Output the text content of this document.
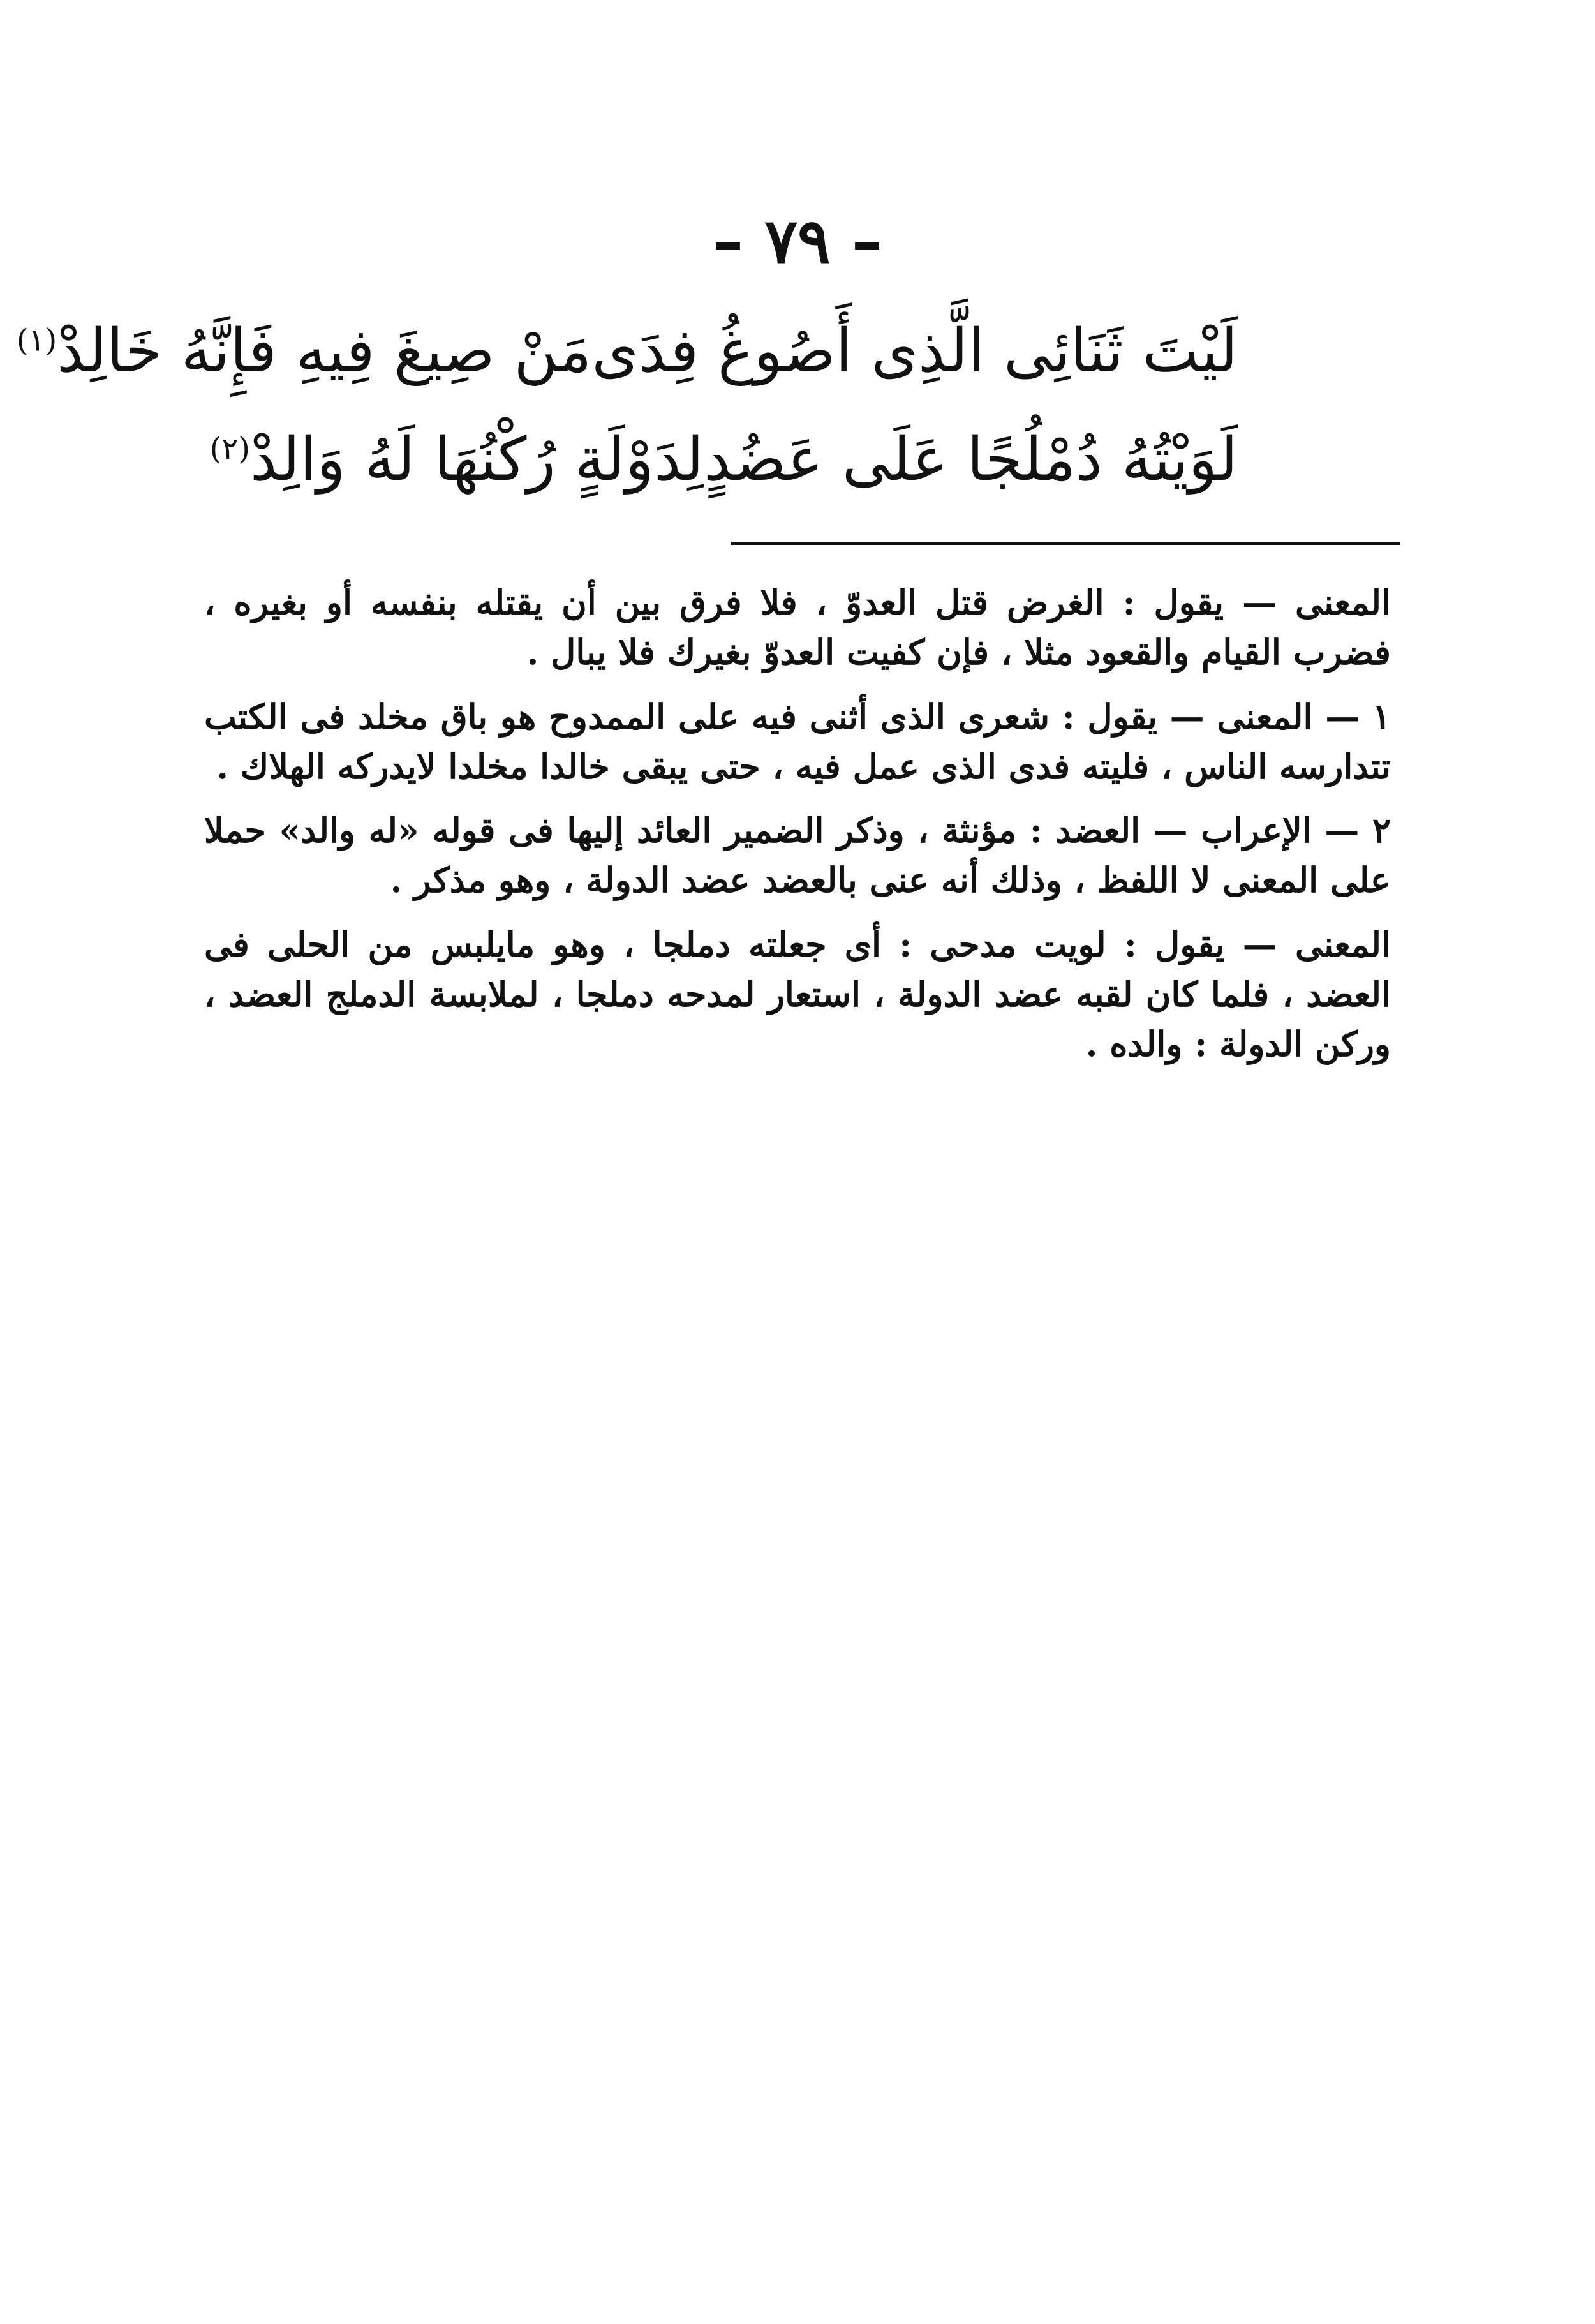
– ٧٩ –
لَيْتَ ثَنَائِى الَّذِى أَصُوغُ فِدَى
مَنْ صِيغَ فِيهِ فَإِنَّهُ خَالِدْ$^{(١)}$
لَوَيْتُهُ دُمْلُجًا عَلَى عَضُدٍ
لِدَوْلَةٍ رُكْنُهَا لَهُ وَالِدْ$^{(٢)}$

المعنى — يقول : الغرض قتل العدوّ ، فلا فرق بين أن يقتله بنفسه أو بغيره ، فضرب القيام والقعود مثلا ، فإن كفيت العدوّ بغيرك فلا يبال .

١ — المعنى — يقول : شعرى الذى أثنى فيه على الممدوح هو باق مخلد فى الكتب تتدارسه الناس ، فليته فدى الذى عمل فيه ، حتى يبقى خالدا مخلدا لايدركه الهلاك .

٢ — الإعراب — العضد : مؤنثة ، وذكر الضمير العائد إليها فى قوله «له والد» حملا على المعنى لا اللفظ ، وذلك أنه عنى بالعضد عضد الدولة ، وهو مذكر .

المعنى — يقول : لويت مدحى : أى جعلته دملجا ، وهو مايلبس من الحلى فى العضد ، فلما كان لقبه عضد الدولة ، استعار لمدحه دملجا ، لملابسة الدملج العضد ، وركن الدولة : والده .
